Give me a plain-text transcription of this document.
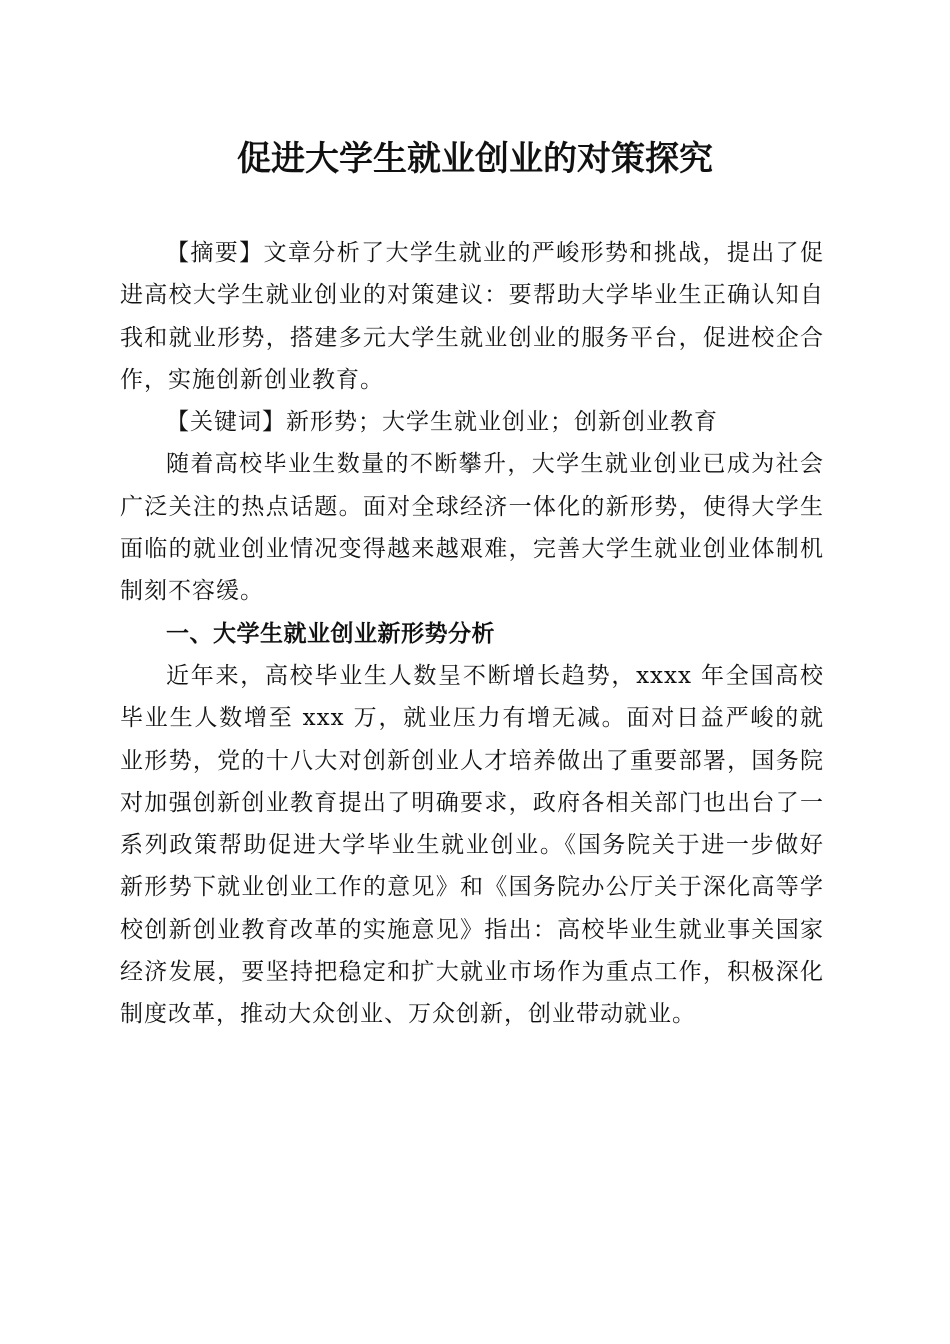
促进大学生就业创业的对策探究

【摘要】文章分析了大学生就业的严峻形势和挑战，提出了促进高校大学生就业创业的对策建议：要帮助大学毕业生正确认知自我和就业形势，搭建多元大学生就业创业的服务平台，促进校企合作，实施创新创业教育。

【关键词】新形势；大学生就业创业；创新创业教育

随着高校毕业生数量的不断攀升，大学生就业创业已成为社会广泛关注的热点话题。面对全球经济一体化的新形势，使得大学生面临的就业创业情况变得越来越艰难，完善大学生就业创业体制机制刻不容缓。

一、大学生就业创业新形势分析

近年来，高校毕业生人数呈不断增长趋势，xxxx 年全国高校毕业生人数增至 xxx 万，就业压力有增无减。面对日益严峻的就业形势，党的十八大对创新创业人才培养做出了重要部署，国务院对加强创新创业教育提出了明确要求，政府各相关部门也出台了一系列政策帮助促进大学毕业生就业创业。《国务院关于进一步做好新形势下就业创业工作的意见》和《国务院办公厅关于深化高等学校创新创业教育改革的实施意见》指出：高校毕业生就业事关国家经济发展，要坚持把稳定和扩大就业市场作为重点工作，积极深化制度改革，推动大众创业、万众创新，创业带动就业。
